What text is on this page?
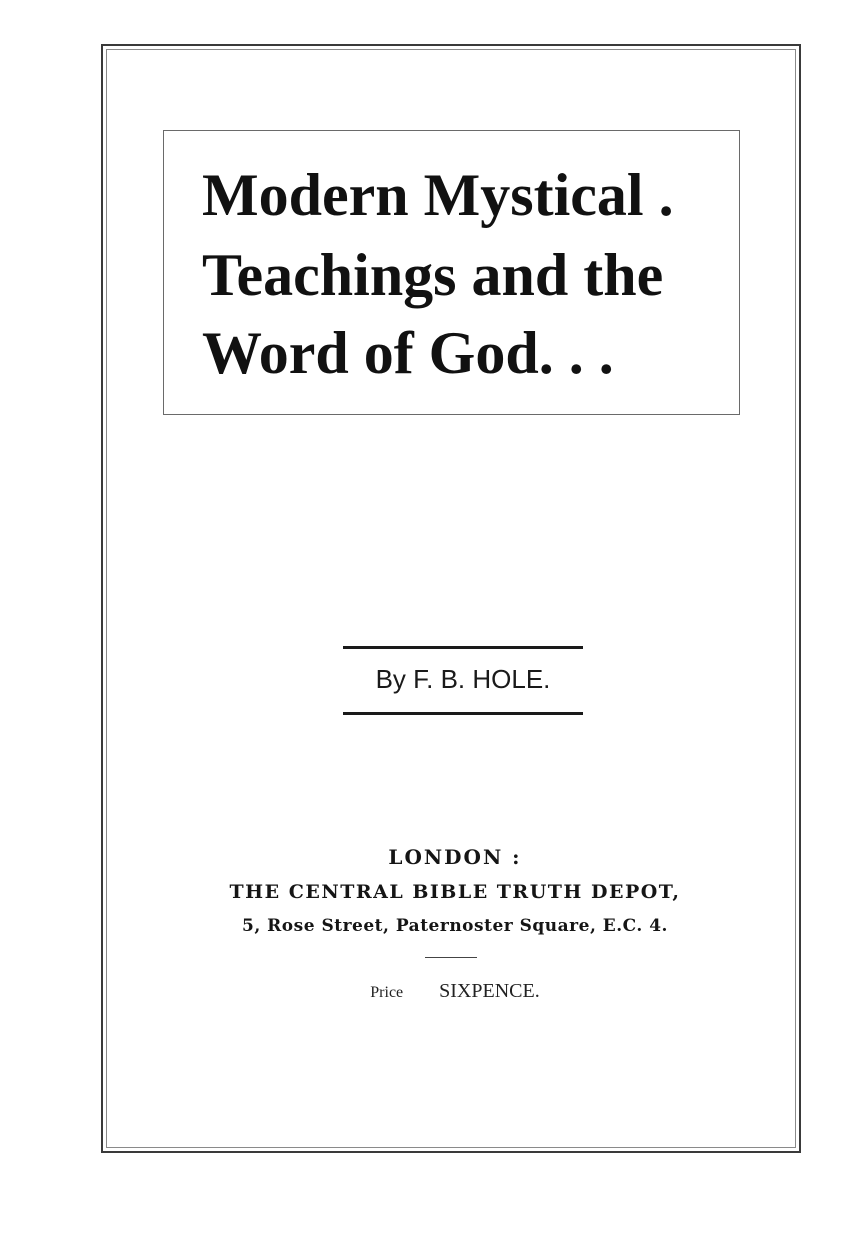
Modern Mystical .
Teachings and the
Word of God. . .
By F. B. HOLE.
LONDON :
THE CENTRAL BIBLE TRUTH DEPOT,
5, Rose Street, Paternoster Square, E.C. 4.
Price SIXPENCE.
